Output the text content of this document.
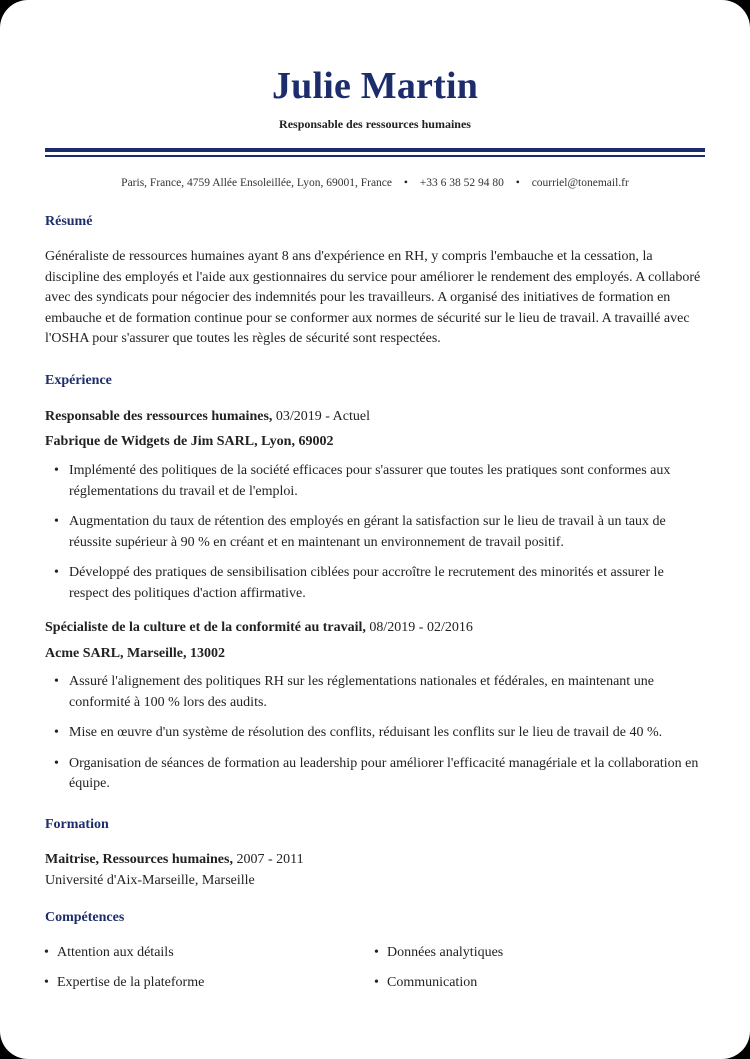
Julie Martin
Responsable des ressources humaines
Paris, France, 4759 Allée Ensoleillée, Lyon, 69001, France • +33 6 38 52 94 80 • courriel@tonemail.fr
Résumé
Généraliste de ressources humaines ayant 8 ans d'expérience en RH, y compris l'embauche et la cessation, la discipline des employés et l'aide aux gestionnaires du service pour améliorer le rendement des employés. A collaboré avec des syndicats pour négocier des indemnités pour les travailleurs. A organisé des initiatives de formation en embauche et de formation continue pour se conformer aux normes de sécurité sur le lieu de travail. A travaillé avec l'OSHA pour s'assurer que toutes les règles de sécurité sont respectées.
Expérience
Responsable des ressources humaines, 03/2019 - Actuel
Fabrique de Widgets de Jim SARL, Lyon, 69002
• Implémenté des politiques de la société efficaces pour s'assurer que toutes les pratiques sont conformes aux réglementations du travail et de l'emploi.
• Augmentation du taux de rétention des employés en gérant la satisfaction sur le lieu de travail à un taux de réussite supérieur à 90 % en créant et en maintenant un environnement de travail positif.
• Développé des pratiques de sensibilisation ciblées pour accroître le recrutement des minorités et assurer le respect des politiques d'action affirmative.
Spécialiste de la culture et de la conformité au travail, 08/2019 - 02/2016
Acme SARL, Marseille, 13002
• Assuré l'alignement des politiques RH sur les réglementations nationales et fédérales, en maintenant une conformité à 100 % lors des audits.
• Mise en œuvre d'un système de résolution des conflits, réduisant les conflits sur le lieu de travail de 40 %.
• Organisation de séances de formation au leadership pour améliorer l'efficacité managériale et la collaboration en équipe.
Formation
Maitrise, Ressources humaines, 2007 - 2011
Université d'Aix-Marseille, Marseille
Compétences
• Attention aux détails	• Données analytiques
• Expertise de la plateforme	• Communication
